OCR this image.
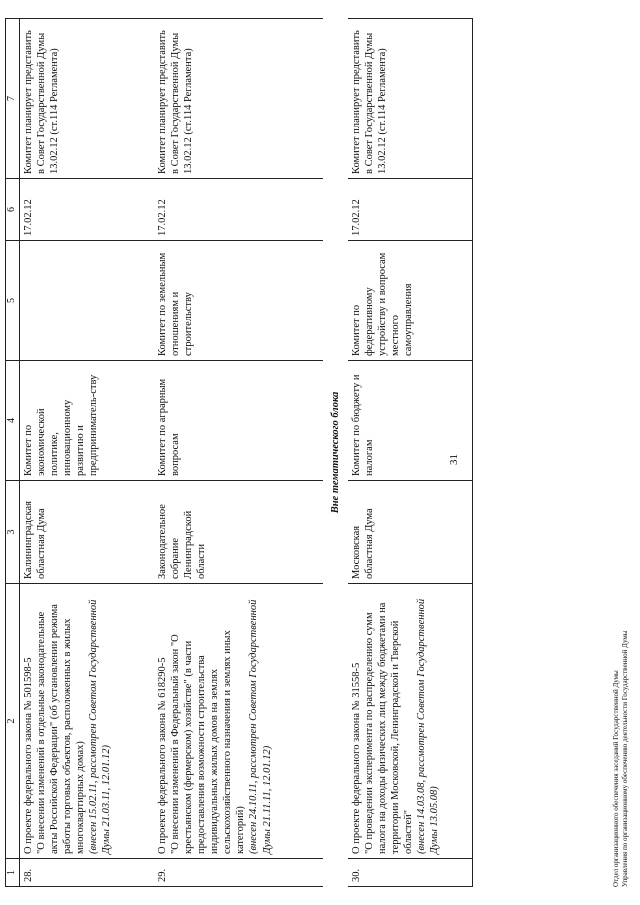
31
1	2	3	4	5	6	7
28.	О проекте федерального закона № 501598-5 "О внесении изменений в отдельные законодательные акты Российской Федерации" (об установлении режима работы торговых объектов, расположенных в жилых многоквартирных домах) (внесен 15.02.11, рассмотрен Советом Государственной Думы 21.03.11, 12.01.12)	Калининградская областная Дума	Комитет по экономической политике, инновационному развитию и предприниматель-ству		17.02.12	Комитет планирует представить в Совет Государственной Думы 13.02.12 (ст.114 Регламента)
29.	О проекте федерального закона № 618290-5 "О внесении изменений в Федеральный закон "О крестьянском (фермерском) хозяйстве" (в части предоставления возможности строительства индивидуальных жилых домов на землях сельскохозяйственного назначения и землях иных категорий) (внесен 24.10.11, рассмотрен Советом Государственной Думы 21.11.11, 12.01.12)	Законодательное собрание Ленинградской области	Комитет по аграрным вопросам	Комитет по земельным отношениям и строительству	17.02.12	Комитет планирует представить в Совет Государственной Думы 13.02.12 (ст.114 Регламента)
Вне тематического блока						
30.	О проекте федерального закона № 31558-5 "О проведении эксперимента по распределению сумм налога на доходы физических лиц между бюджетами на территории Московской, Ленинградской и Тверской областей" (внесен 14.03.08, рассмотрен Советом Государственной Думы 13.05.08)	Московская областная Дума	Комитет по бюджету и налогам	Комитет по федеративному устройству и вопросам местного самоуправления	17.02.12	Комитет планирует представить в Совет Государственной Думы 13.02.12 (ст.114 Регламента)
Отдел организационного обеспечения заседаний Государственной Думы Управления по организационному обеспечению деятельности Государственной Думы
